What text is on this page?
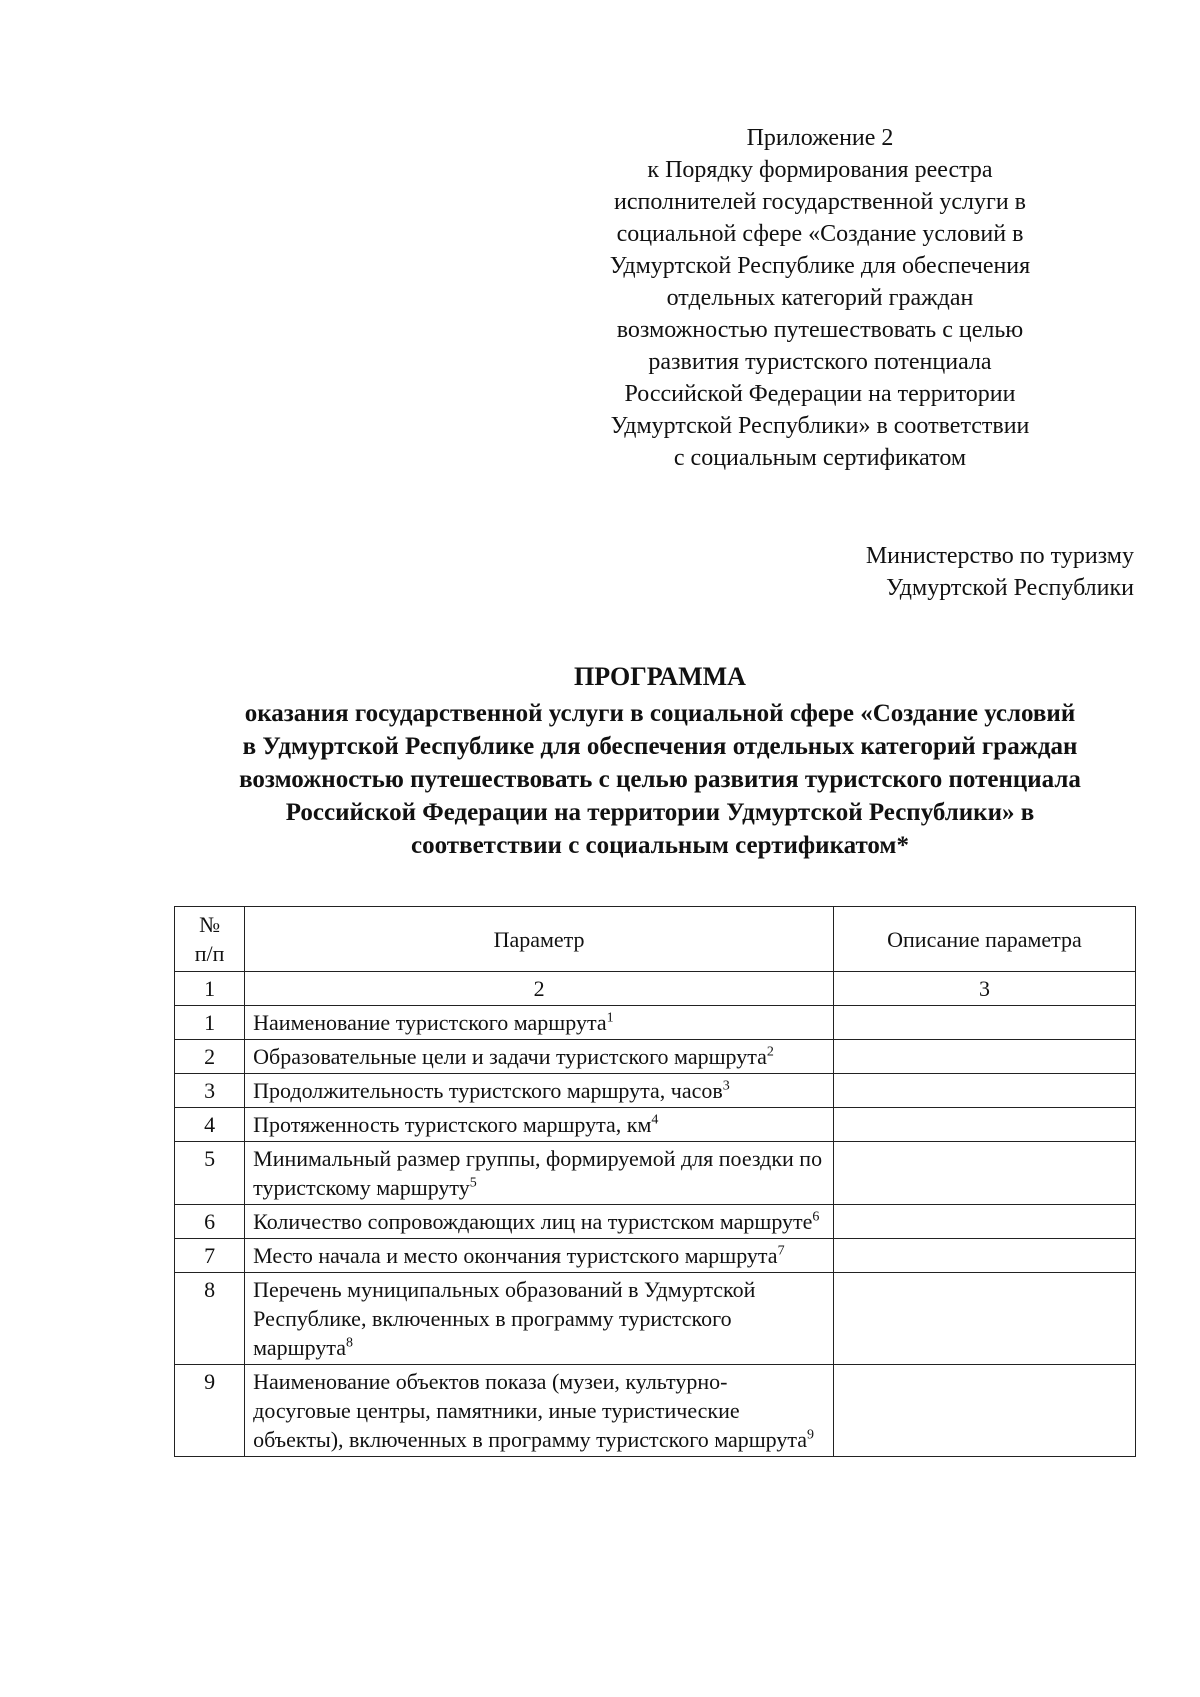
Приложение 2
к Порядку формирования реестра
исполнителей государственной услуги в
социальной сфере «Создание условий в
Удмуртской Республике для обеспечения
отдельных категорий граждан
возможностью путешествовать с целью
развития туристского потенциала
Российской Федерации на территории
Удмуртской Республики» в соответствии
с социальным сертификатом
Министерство по туризму
Удмуртской Республики
ПРОГРАММА
оказания государственной услуги в социальной сфере «Создание условий
в Удмуртской Республике для обеспечения отдельных категорий граждан
возможностью путешествовать с целью развития туристского потенциала
Российской Федерации на территории Удмуртской Республики» в
соответствии с социальным сертификатом*
№
п/п	Параметр	Описание параметра
1	2	3
1	Наименование туристского маршрута$^1$	
2	Образовательные цели и задачи туристского маршрута$^2$	
3	Продолжительность туристского маршрута, часов$^3$	
4	Протяженность туристского маршрута, $км^4$	
5	Минимальный размер группы, формируемой для поездки по туристскому маршруту$^5$	
6	Количество сопровождающих лиц на туристском маршруте$^6$	
7	Место начала и место окончания туристского маршрута$^7$	
8	Перечень муниципальных образований в Удмуртской Республике, включенных в программу туристского маршрута$^8$	
9	Наименование объектов показа (музеи, культурно-досуговые центры, памятники, иные туристические объекты), включенных в программу туристского маршрута$^9$	
